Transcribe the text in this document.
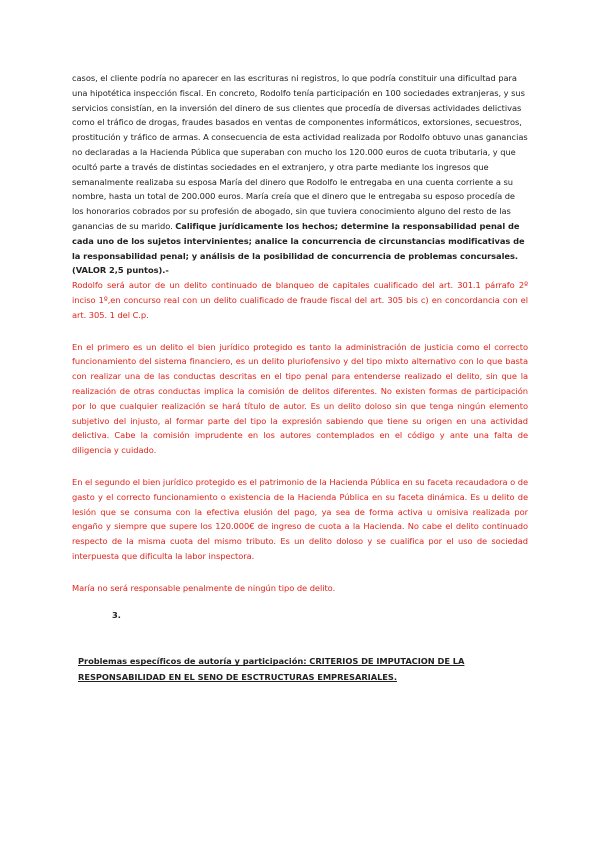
casos, el cliente podría no aparecer en las escrituras ni registros, lo que podría constituir una dificultad para una hipotética inspección fiscal. En concreto, Rodolfo tenía participación en 100 sociedades extranjeras, y sus servicios consistían, en la inversión del dinero de sus clientes que procedía de diversas actividades delictivas como el tráfico de drogas, fraudes basados en ventas de componentes informáticos, extorsiones, secuestros, prostitución y tráfico de armas. A consecuencia de esta actividad realizada por Rodolfo obtuvo unas ganancias no declaradas a la Hacienda Pública que superaban con mucho los 120.000 euros de cuota tributaria, y que ocultó parte a través de distintas sociedades en el extranjero, y otra parte mediante los ingresos que semanalmente realizaba su esposa María del dinero que Rodolfo le entregaba en una cuenta corriente a su nombre, hasta un total de 200.000 euros. María creía que el dinero que le entregaba su esposo procedía de los honorarios cobrados por su profesión de abogado, sin que tuviera conocimiento alguno del resto de las ganancias de su marido. Califique jurídicamente los hechos; determine la responsabilidad penal de cada uno de los sujetos intervinientes; analice la concurrencia de circunstancias modificativas de la responsabilidad penal; y análisis de la posibilidad de concurrencia de problemas concursales. (VALOR 2,5 puntos).-

Rodolfo será autor de un delito continuado de blanqueo de capitales cualificado del art. 301.1 párrafo 2º inciso 1º,en concurso real con un delito cualificado de fraude fiscal del art. 305 bis c) en concordancia con el art. 305. 1 del C.p.

En el primero es un delito el bien jurídico protegido es tanto la administración de justicia como el correcto funcionamiento del sistema financiero, es un delito pluriofensivo y del tipo mixto alternativo con lo que basta con realizar una de las conductas descritas en el tipo penal para entenderse realizado el delito, sin que la realización de otras conductas implica la comisión de delitos diferentes. No existen formas de participación por lo que cualquier realización se hará título de autor. Es un delito doloso sin que tenga ningún elemento subjetivo del injusto, al formar parte del tipo la expresión sabiendo que tiene su origen en una actividad delictiva. Cabe la comisión imprudente en los autores contemplados en el código y ante una falta de diligencia y cuidado.

En el segundo el bien jurídico protegido es el patrimonio de la Hacienda Pública en su faceta recaudadora o de gasto y el correcto funcionamiento o existencia de la Hacienda Pública en su faceta dinámica. Es u delito de lesión que se consuma con la efectiva elusión del pago, ya sea de forma activa u omisiva realizada por engaño y siempre que supere los 120.000€ de ingreso de cuota a la Hacienda. No cabe el delito continuado respecto de la misma cuota del mismo tributo. Es un delito doloso y se cualifica por el uso de sociedad interpuesta que dificulta la labor inspectora.

María no será responsable penalmente de ningún tipo de delito.

3.

Problemas específicos de autoría y participación: CRITERIOS DE IMPUTACION DE LA RESPONSABILIDAD EN EL SENO DE ESCTRUCTURAS EMPRESARIALES.
